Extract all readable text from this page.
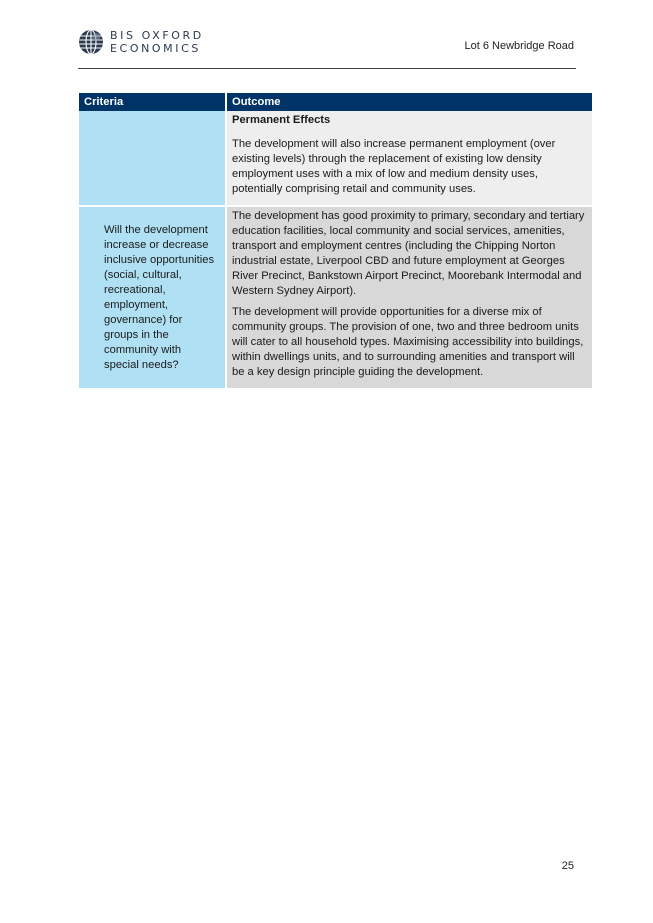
BIS OXFORD
ECONOMICS	Lot 6 Newbridge Road
Criteria	Outcome

	Permanent Effects

The development will also increase permanent employment (over existing levels) through the replacement of existing low density employment uses with a mix of low and medium density uses, potentially comprising retail and community uses.

Will the development increase or decrease inclusive opportunities (social, cultural, recreational, employment, governance) for groups in the community with special needs?	The development has good proximity to primary, secondary and tertiary education facilities, local community and social services, amenities, transport and employment centres (including the Chipping Norton industrial estate, Liverpool CBD and future employment at Georges River Precinct, Bankstown Airport Precinct, Moorebank Intermodal and Western Sydney Airport).

The development will provide opportunities for a diverse mix of community groups. The provision of one, two and three bedroom units will cater to all household types. Maximising accessibility into buildings, within dwellings units, and to surrounding amenities and transport will be a key design principle guiding the development.

25
